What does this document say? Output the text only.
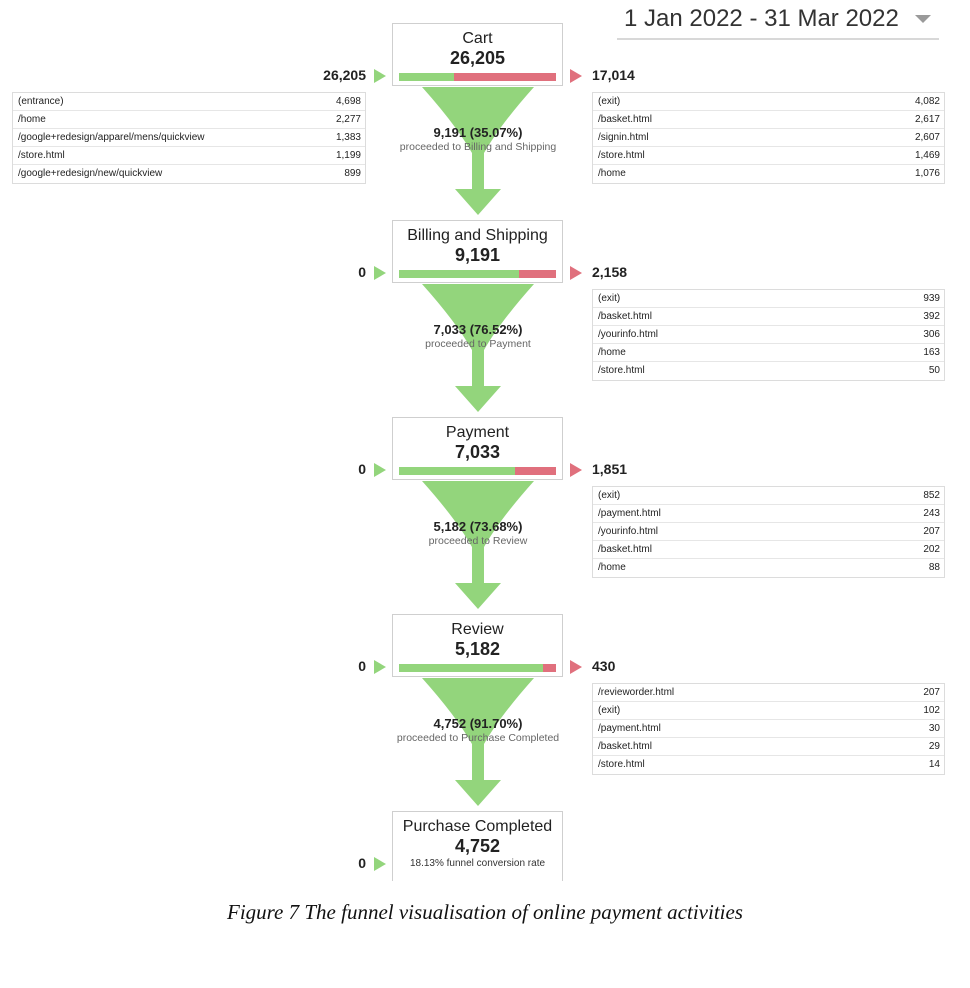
1 Jan 2022 - 31 Mar 2022
Cart
26,205
26,205	17,014
9,191 (35.07%)
proceeded to Billing and Shipping
(entrance)	4,698
/home	2,277
/google+redesign/apparel/mens/quickview	1,383
/store.html	1,199
/google+redesign/new/quickview	899
(exit)	4,082
/basket.html	2,617
/signin.html	2,607
/store.html	1,469
/home	1,076
Billing and Shipping
9,191
0	2,158
7,033 (76.52%)
proceeded to Payment
(exit)	939
/basket.html	392
/yourinfo.html	306
/home	163
/store.html	50
Payment
7,033
0	1,851
5,182 (73.68%)
proceeded to Review
(exit)	852
/payment.html	243
/yourinfo.html	207
/basket.html	202
/home	88
Review
5,182
0	430
4,752 (91.70%)
proceeded to Purchase Completed
/revieworder.html	207
(exit)	102
/payment.html	30
/basket.html	29
/store.html	14
Purchase Completed
4,752
18.13% funnel conversion rate
0
Figure 7 The funnel visualisation of online payment activities
